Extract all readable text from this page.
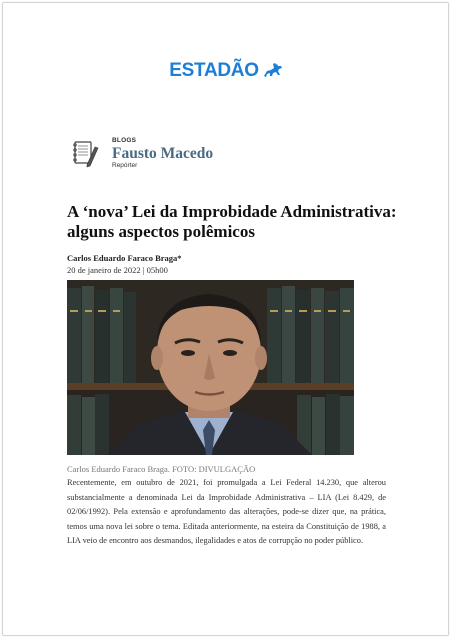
ESTADÃO
BLOGS
Fausto Macedo
Repórter
A ‘nova’ Lei da Improbidade Administrativa: alguns aspectos polêmicos
Carlos Eduardo Faraco Braga*
20 de janeiro de 2022 | 05h00
Carlos Eduardo Faraco Braga. FOTO: DIVULGAÇÃO

Recentemente, em outubro de 2021, foi promulgada a Lei Federal 14.230, que alterou substancialmente a denominada Lei da Improbidade Administrativa – LIA (Lei 8.429, de 02/06/1992). Pela extensão e aprofundamento das alterações, pode-se dizer que, na prática, temos uma nova lei sobre o tema. Editada anteriormente, na esteira da Constituição de 1988, a LIA veio de encontro aos desmandos, ilegalidades e atos de corrupção no poder público.
